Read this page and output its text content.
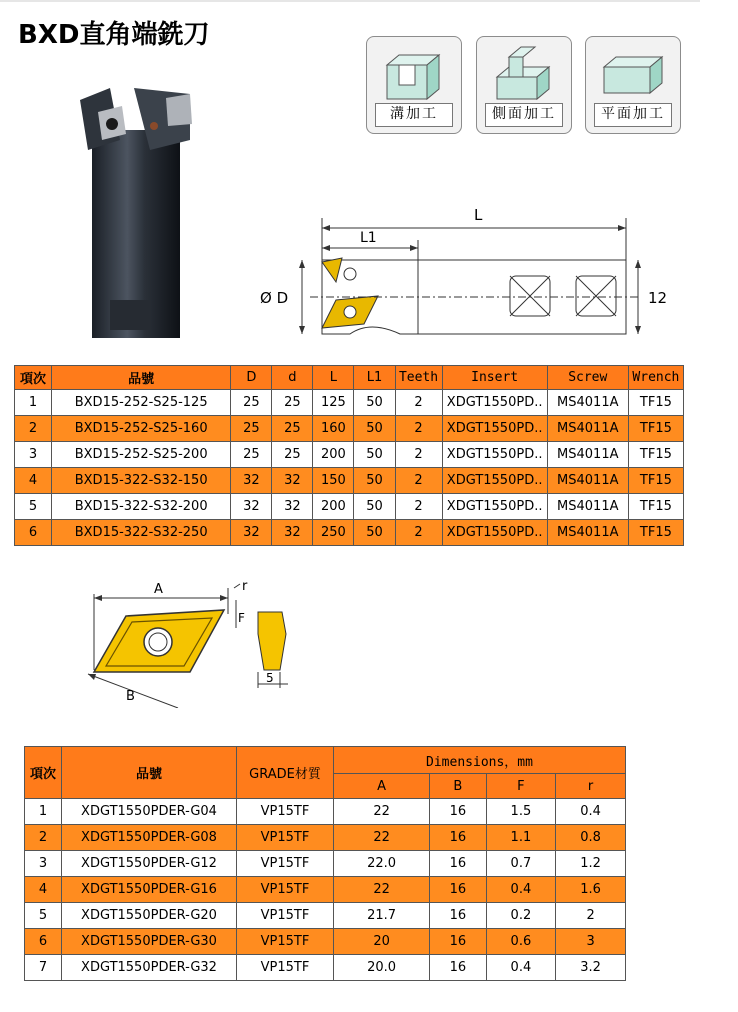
BXD直角端銑刀
溝加工	側面加工	平面加工
L
L1
Ø D	12
項次	品號	D	d	L	L1	Teeth	Insert	Screw	Wrench
1	BXD15-252-S25-125	25	25	125	50	2	XDGT1550PD..	MS4011A	TF15
2	BXD15-252-S25-160	25	25	160	50	2	XDGT1550PD..	MS4011A	TF15
3	BXD15-252-S25-200	25	25	200	50	2	XDGT1550PD..	MS4011A	TF15
4	BXD15-322-S32-150	32	32	150	50	2	XDGT1550PD..	MS4011A	TF15
5	BXD15-322-S32-200	32	32	200	50	2	XDGT1550PD..	MS4011A	TF15
6	BXD15-322-S32-250	32	32	250	50	2	XDGT1550PD..	MS4011A	TF15
A	r
F
B
5
項次	品號	GRADE材質	Dimensions，mm			
			A	B	F	r
1	XDGT1550PDER-G04	VP15TF	22	16	1.5	0.4
2	XDGT1550PDER-G08	VP15TF	22	16	1.1	0.8
3	XDGT1550PDER-G12	VP15TF	22.0	16	0.7	1.2
4	XDGT1550PDER-G16	VP15TF	22	16	0.4	1.6
5	XDGT1550PDER-G20	VP15TF	21.7	16	0.2	2
6	XDGT1550PDER-G30	VP15TF	20	16	0.6	3
7	XDGT1550PDER-G32	VP15TF	20.0	16	0.4	3.2
